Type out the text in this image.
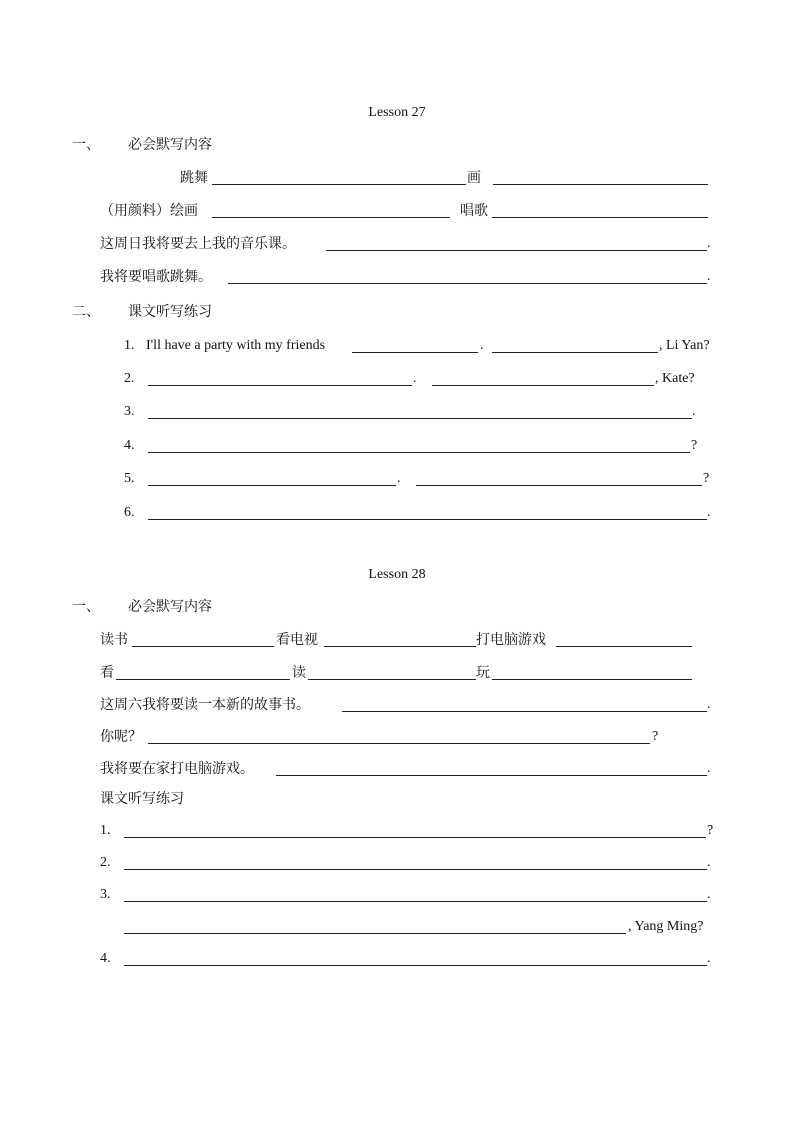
Lesson 27
一、 必会默写内容
跳舞	画
（用颜料）绘画	唱歌
这周日我将要去上我的音乐课。	.
我将要唱歌跳舞。	.
二、 课文听写练习
1. I'll have a party with my friends	.	, Li Yan?
2.	.	, Kate?
3.	.
4.	?
5.	.	?
6.	.
Lesson 28
一、 必会默写内容
读书	看电视	打电脑游戏
看	读	玩
这周六我将要读一本新的故事书。	.
你呢？	?
我将要在家打电脑游戏。	.
课文听写练习
1.	?
2.	.
3.	.
, Yang Ming?
4.	.
